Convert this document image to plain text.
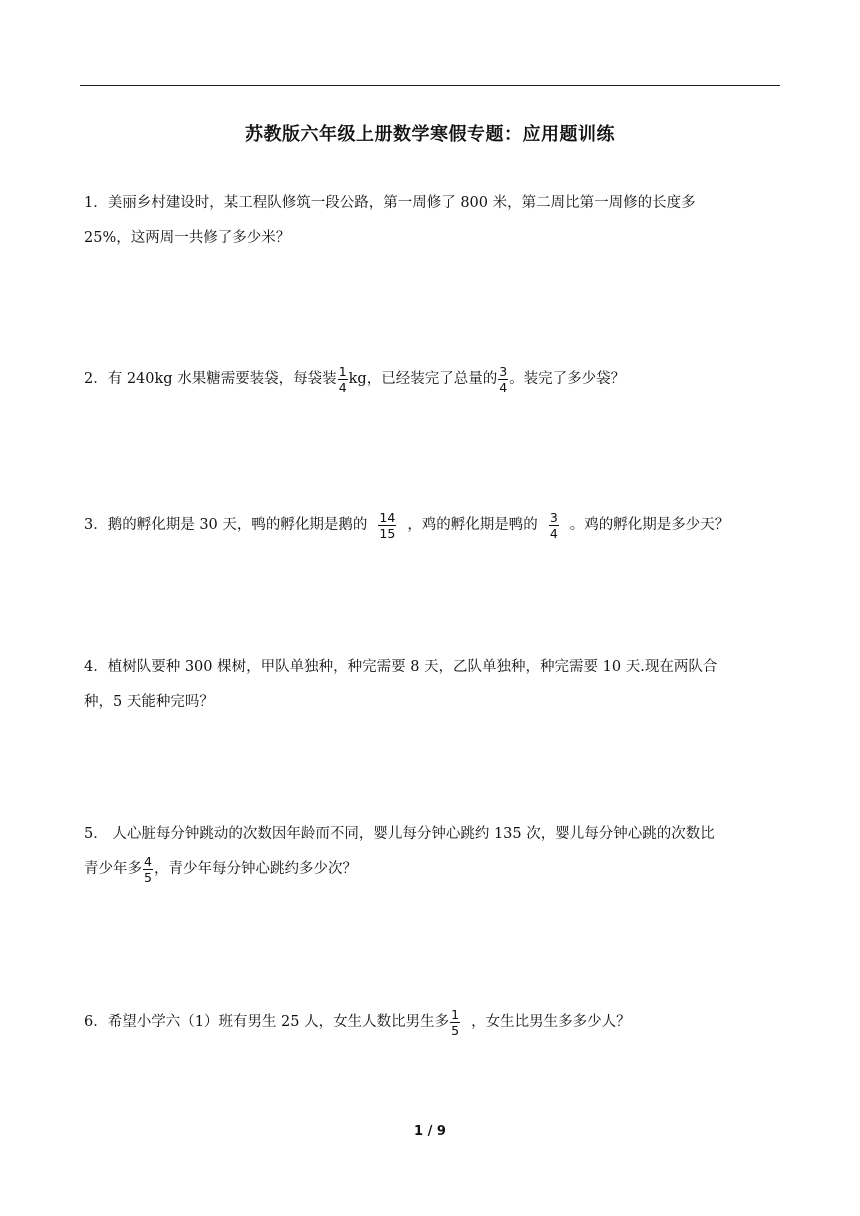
苏教版六年级上册数学寒假专题：应用题训练
1．美丽乡村建设时，某工程队修筑一段公路，第一周修了 800 米，第二周比第一周修的长度多
25%，这两周一共修了多少米？
2．有 240kg 水果糖需要装袋，每袋装 $\frac{1}{4}$ kg，已经装完了总量的 $\frac{3}{4}$ 。装完了多少袋？
3．鹅的孵化期是 30 天，鸭的孵化期是鹅的 $\frac{14}{15}$ ，鸡的孵化期是鸭的 $\frac{3}{4}$ 。鸡的孵化期是多少天？
4．植树队要种 300 棵树，甲队单独种，种完需要 8 天，乙队单独种，种完需要 10 天.现在两队合
种，5 天能种完吗？
5． 人心脏每分钟跳动的次数因年龄而不同，婴儿每分钟心跳约 135 次，婴儿每分钟心跳的次数比
青少年多 $\frac{4}{5}$ ，青少年每分钟心跳约多少次？
6．希望小学六（1）班有男生 25 人，女生人数比男生多 $\frac{1}{5}$ ，女生比男生多多少人？
1 / 9
